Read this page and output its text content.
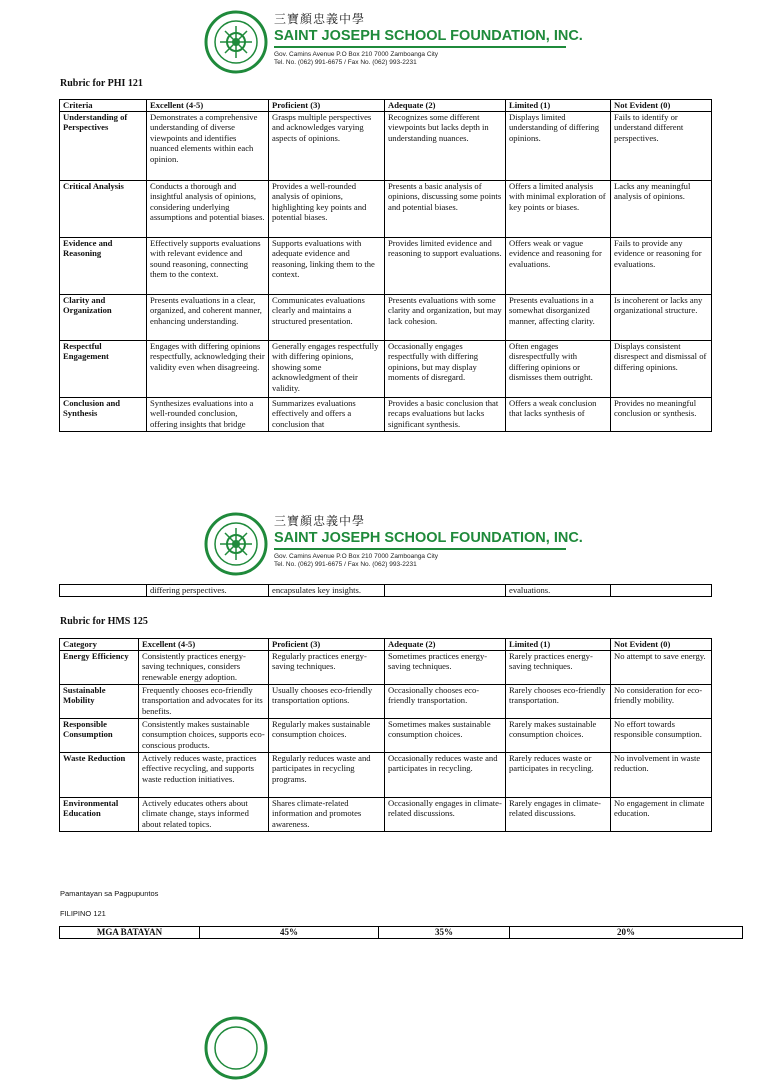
三寶顏忠義中學
SAINT JOSEPH SCHOOL FOUNDATION, INC.
Gov. Camins Avenue P.O Box 210 7000 Zamboanga City
Tel. No. (062) 991-6675 / Fax No. (062) 993-2231
Rubric for PHI 121
Criteria	Excellent (4-5)	Proficient (3)	Adequate (2)	Limited (1)	Not Evident (0)
Understanding of Perspectives	Demonstrates a comprehensive understanding of diverse viewpoints and identifies nuanced elements within each opinion.	Grasps multiple perspectives and acknowledges varying aspects of opinions.	Recognizes some different viewpoints but lacks depth in understanding nuances.	Displays limited understanding of differing opinions.	Fails to identify or understand different perspectives.
Critical Analysis	Conducts a thorough and insightful analysis of opinions, considering underlying assumptions and potential biases.	Provides a well-rounded analysis of opinions, highlighting key points and potential biases.	Presents a basic analysis of opinions, discussing some points and potential biases.	Offers a limited analysis with minimal exploration of key points or biases.	Lacks any meaningful analysis of opinions.
Evidence and Reasoning	Effectively supports evaluations with relevant evidence and sound reasoning, connecting them to the context.	Supports evaluations with adequate evidence and reasoning, linking them to the context.	Provides limited evidence and reasoning to support evaluations.	Offers weak or vague evidence and reasoning for evaluations.	Fails to provide any evidence or reasoning for evaluations.
Clarity and Organization	Presents evaluations in a clear, organized, and coherent manner, enhancing understanding.	Communicates evaluations clearly and maintains a structured presentation.	Presents evaluations with some clarity and organization, but may lack cohesion.	Presents evaluations in a somewhat disorganized manner, affecting clarity.	Is incoherent or lacks any organizational structure.
Respectful Engagement	Engages with differing opinions respectfully, acknowledging their validity even when disagreeing.	Generally engages respectfully with differing opinions, showing some acknowledgment of their validity.	Occasionally engages respectfully with differing opinions, but may display moments of disregard.	Often engages disrespectfully with differing opinions or dismisses them outright.	Displays consistent disrespect and dismissal of differing opinions.
Conclusion and Synthesis	Synthesizes evaluations into a well-rounded conclusion, offering insights that bridge	Summarizes evaluations effectively and offers a conclusion that	Provides a basic conclusion that recaps evaluations but lacks significant synthesis.	Offers a weak conclusion that lacks synthesis of	Provides no meaningful conclusion or synthesis.
三寶顏忠義中學
SAINT JOSEPH SCHOOL FOUNDATION, INC.
Gov. Camins Avenue P.O Box 210 7000 Zamboanga City
Tel. No. (062) 991-6675 / Fax No. (062) 993-2231
	differing perspectives.	encapsulates key insights.		evaluations.	
Rubric for HMS 125
Category	Excellent (4-5)	Proficient (3)	Adequate (2)	Limited (1)	Not Evident (0)
Energy Efficiency	Consistently practices energy-saving techniques, considers renewable energy adoption.	Regularly practices energy-saving techniques.	Sometimes practices energy-saving techniques.	Rarely practices energy-saving techniques.	No attempt to save energy.
Sustainable Mobility	Frequently chooses eco-friendly transportation and advocates for its benefits.	Usually chooses eco-friendly transportation options.	Occasionally chooses eco-friendly transportation.	Rarely chooses eco-friendly transportation.	No consideration for eco-friendly mobility.
Responsible Consumption	Consistently makes sustainable consumption choices, supports eco-conscious products.	Regularly makes sustainable consumption choices.	Sometimes makes sustainable consumption choices.	Rarely makes sustainable consumption choices.	No effort towards responsible consumption.
Waste Reduction	Actively reduces waste, practices effective recycling, and supports waste reduction initiatives.	Regularly reduces waste and participates in recycling programs.	Occasionally reduces waste and participates in recycling.	Rarely reduces waste or participates in recycling.	No involvement in waste reduction.
Environmental Education	Actively educates others about climate change, stays informed about related topics.	Shares climate-related information and promotes awareness.	Occasionally engages in climate-related discussions.	Rarely engages in climate-related discussions.	No engagement in climate education.
Pamantayan sa Pagpupuntos
FILIPINO 121
MGA BATAYAN	45%	35%	20%
